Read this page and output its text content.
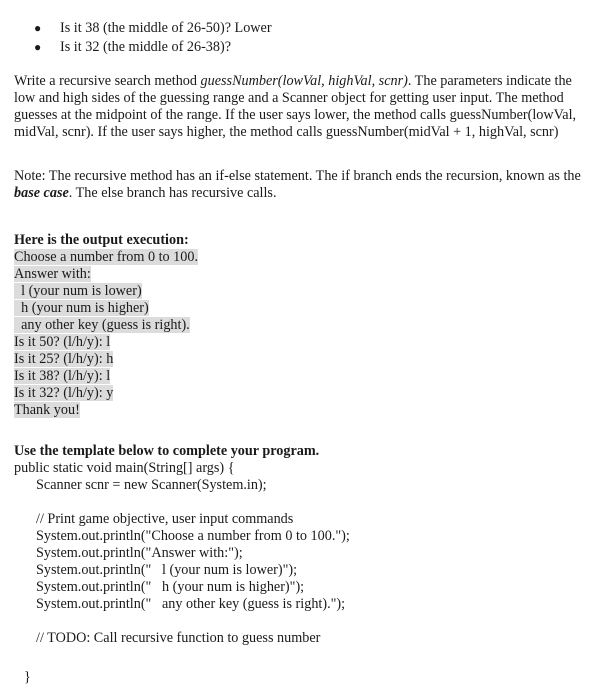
● Is it 38 (the middle of 26-50)? Lower
● Is it 32 (the middle of 26-38)?

Write a recursive search method guessNumber(lowVal, highVal, scnr). The parameters indicate the low and high sides of the guessing range and a Scanner object for getting user input. The method guesses at the midpoint of the range. If the user says lower, the method calls guessNumber(lowVal, midVal, scnr). If the user says higher, the method calls guessNumber(midVal + 1, highVal, scnr)

Note: The recursive method has an if-else statement. The if branch ends the recursion, known as the base case. The else branch has recursive calls.

Here is the output execution:
Choose a number from 0 to 100.
Answer with:
l (your num is lower)
h (your num is higher)
any other key (guess is right).
Is it 50? (l/h/y): l
Is it 25? (l/h/y): h
Is it 38? (l/h/y): l
Is it 32? (l/h/y): y
Thank you!
Use the template below to complete your program.
public static void main(String[] args) {
Scanner scnr = new Scanner(System.in);
// Print game objective, user input commands
System.out.println("Choose a number from 0 to 100.");
System.out.println("Answer with:");
System.out.println("   l (your num is lower)");
System.out.println("   h (your num is higher)");
System.out.println("   any other key (guess is right).");
// TODO: Call recursive function to guess number
}
